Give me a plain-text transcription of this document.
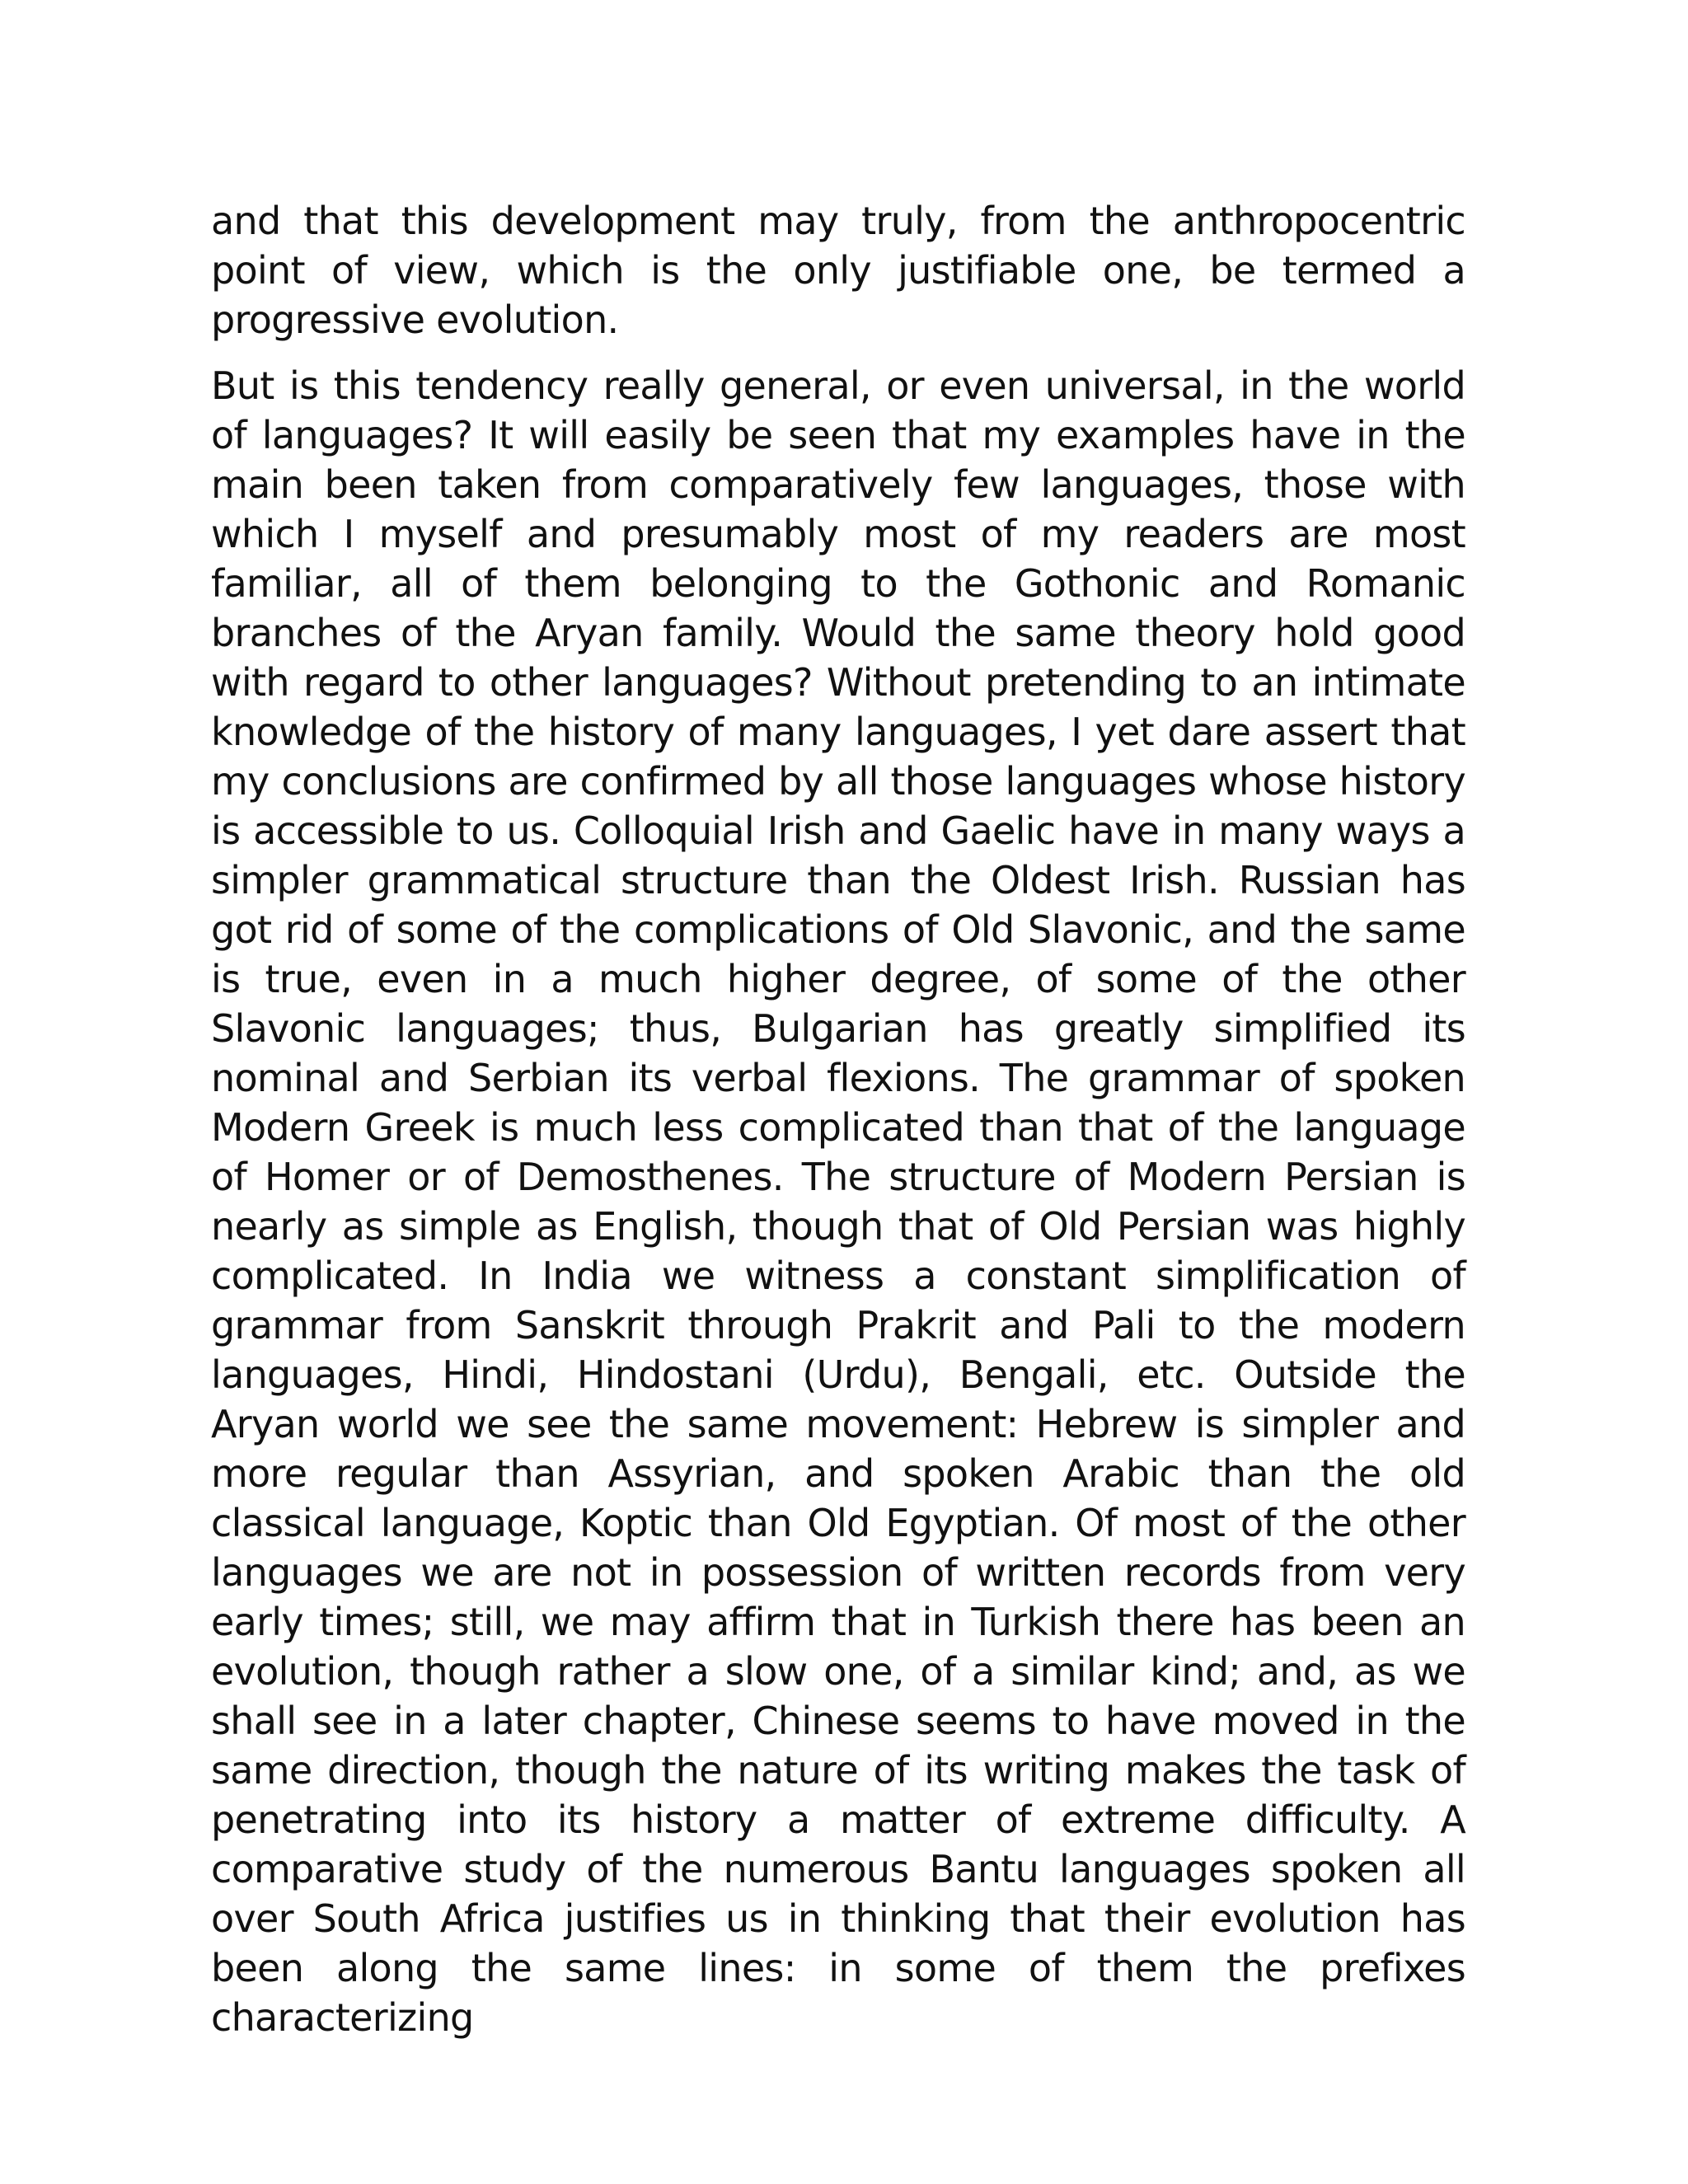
and that this development may truly, from the anthropocentric point of view, which is the only justifiable one, be termed a progressive evolution.

But is this tendency really general, or even universal, in the world of languages? It will easily be seen that my examples have in the main been taken from comparatively few languages, those with which I myself and presumably most of my readers are most familiar, all of them belonging to the Gothonic and Romanic branches of the Aryan family. Would the same theory hold good with regard to other languages? Without pretending to an intimate knowledge of the history of many languages, I yet dare assert that my conclusions are confirmed by all those languages whose history is accessible to us. Colloquial Irish and Gaelic have in many ways a simpler grammatical structure than the Oldest Irish. Russian has got rid of some of the complications of Old Slavonic, and the same is true, even in a much higher degree, of some of the other Slavonic languages; thus, Bulgarian has greatly simplified its nominal and Serbian its verbal flexions. The grammar of spoken Modern Greek is much less complicated than that of the language of Homer or of Demosthenes. The structure of Modern Persian is nearly as simple as English, though that of Old Persian was highly complicated. In India we witness a constant simplification of grammar from Sanskrit through Prakrit and Pali to the modern languages, Hindi, Hindostani (Urdu), Bengali, etc. Outside the Aryan world we see the same movement: Hebrew is simpler and more regular than Assyrian, and spoken Arabic than the old classical language, Koptic than Old Egyptian. Of most of the other languages we are not in possession of written records from very early times; still, we may affirm that in Turkish there has been an evolution, though rather a slow one, of a similar kind; and, as we shall see in a later chapter, Chinese seems to have moved in the same direction, though the nature of its writing makes the task of penetrating into its history a matter of extreme difficulty. A comparative study of the numerous Bantu languages spoken all over South Africa justifies us in thinking that their evolution has been along the same lines: in some of them the prefixes characterizing
